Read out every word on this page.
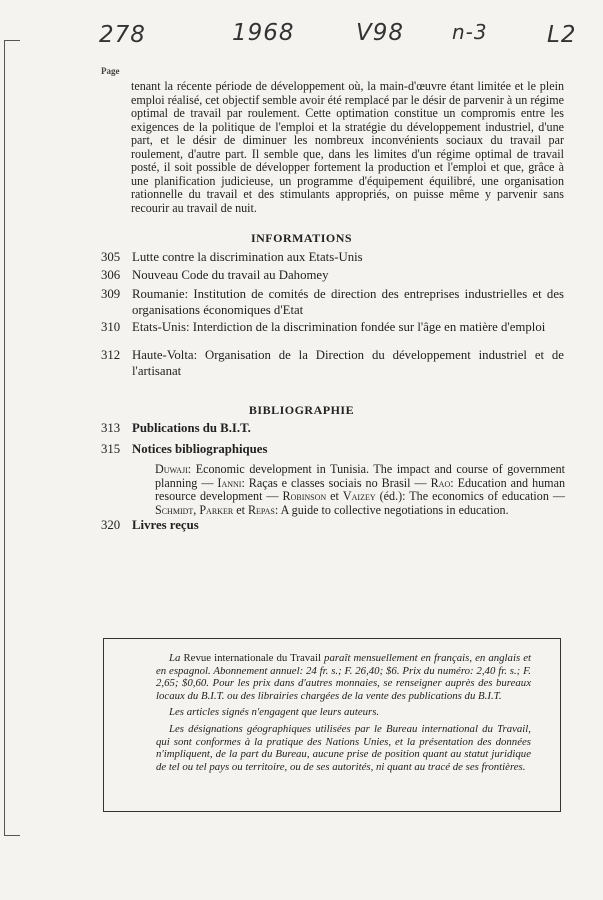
278	1968	V98 n-3	L2
Page
tenant la récente période de développement où, la main-d'œuvre étant limitée et le plein emploi réalisé, cet objectif semble avoir été remplacé par le désir de parvenir à un régime optimal de travail par roulement. Cette optimation constitue un compromis entre les exigences de la politique de l'emploi et la stratégie du développement industriel, d'une part, et le désir de diminuer les nombreux inconvénients sociaux du travail par roulement, d'autre part. Il semble que, dans les limites d'un régime optimal de travail posté, il soit possible de développer fortement la production et l'emploi et que, grâce à une planification judicieuse, un programme d'équipement équilibré, une organisation rationnelle du travail et des stimulants appropriés, on puisse même y parvenir sans recourir au travail de nuit.
INFORMATIONS
305 Lutte contre la discrimination aux Etats-Unis
306 Nouveau Code du travail au Dahomey
309 Roumanie: Institution de comités de direction des entreprises industrielles et des organisations économiques d'Etat
310 Etats-Unis: Interdiction de la discrimination fondée sur l'âge en matière d'emploi
312 Haute-Volta: Organisation de la Direction du développement industriel et de l'artisanat
BIBLIOGRAPHIE
313 Publications du B.I.T.
315 Notices bibliographiques
Duwaji: Economic development in Tunisia. The impact and course of government planning — Ianni: Raças e classes sociais no Brasil — Rao: Education and human resource development — Robinson et Vaizey (éd.): The economics of education — Schmidt, Parker et Repas: A guide to collective negotiations in education.
320 Livres reçus

La Revue internationale du Travail paraît mensuellement en français, en anglais et en espagnol. Abonnement annuel: 24 fr. s.; F. 26,40; $6. Prix du numéro: 2,40 fr. s.; F. 2,65; $0,60. Pour les prix dans d'autres monnaies, se renseigner auprès des bureaux locaux du B.I.T. ou des librairies chargées de la vente des publications du B.I.T.

Les articles signés n'engagent que leurs auteurs.

Les désignations géographiques utilisées par le Bureau international du Travail, qui sont conformes à la pratique des Nations Unies, et la présentation des données n'impliquent, de la part du Bureau, aucune prise de position quant au statut juridique de tel ou tel pays ou territoire, ou de ses autorités, ni quant au tracé de ses frontières.
